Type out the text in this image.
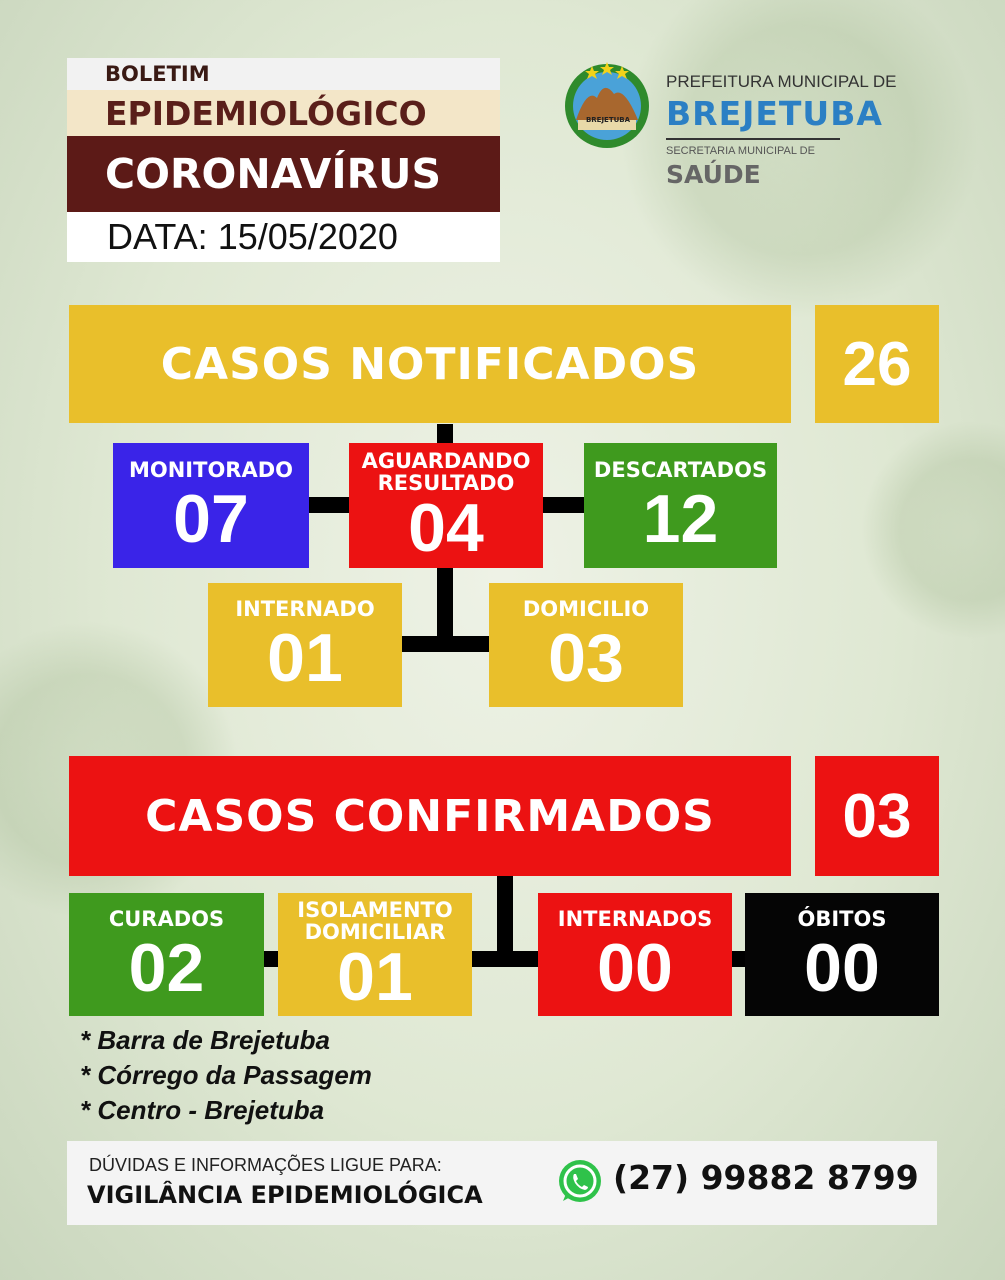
BOLETIM
EPIDEMIOLÓGICO
CORONAVÍRUS
DATA:
15 / 05 / 2020
BREJETUBA
PREFEITURA MUNICIPAL DE
BREJETUBA
SECRETARIA MUNICIPAL DE
SAÚDE
CASOS NOTIFICADOS 26
MONITORADO
07
AGUARDANDO
RESULTADO
04
DESCARTADOS
12
INTERNADO
01
DOMICILIO
03
CASOS CONFIRMADOS 03
CURADOS
02
ISOLAMENTO
DOMICILIAR
01
INTERNADOS
00
ÓBITOS
00
* Barra de Brejetuba
* Córrego da Passagem
* Centro - Brejetuba
DÚVIDAS E INFORMAÇÕES LIGUE PARA:
VIGILÂNCIA EPIDEMIOLÓGICA	(27) 99882 8799
